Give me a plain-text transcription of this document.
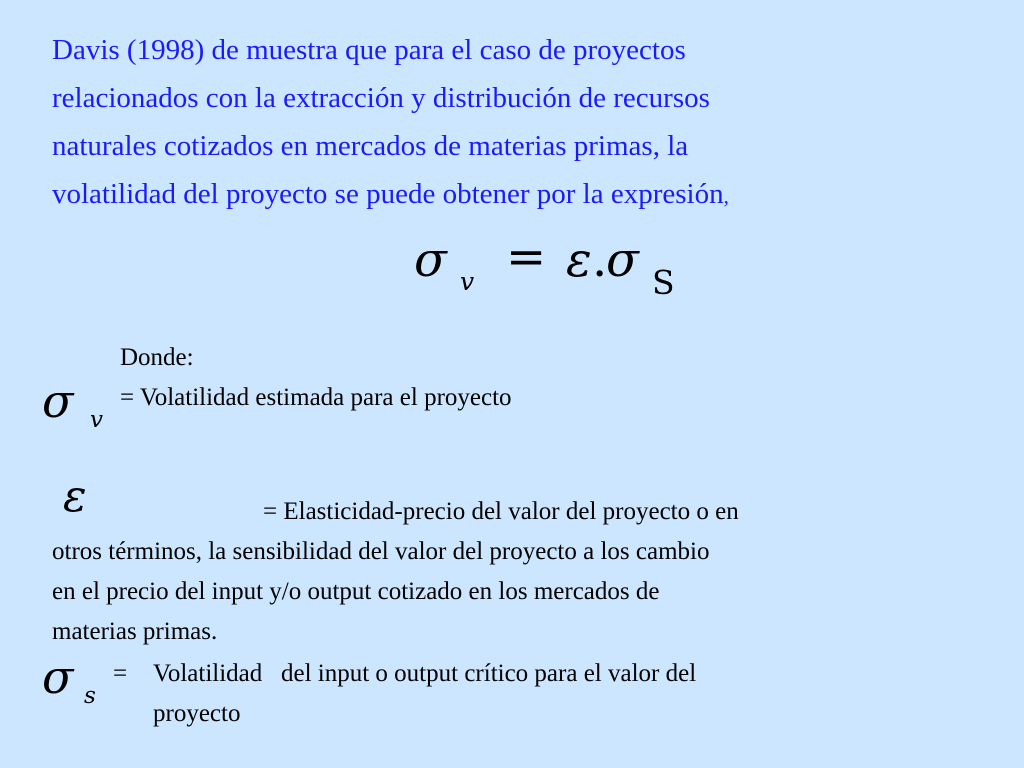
Davis (1998) de muestra que para el caso de proyectos
relacionados con la extracción y distribución de recursos
naturales cotizados en mercados de materias primas, la
volatilidad del proyecto se puede obtener por la expresión,

σ v = ε .
σ S

Donde:

σ v

= Volatilidad estimada para el proyecto

ε	= Elasticidad-precio del valor del proyecto o en
otros términos, la sensibilidad del valor del proyecto a los cambio
en el precio del input y/o output cotizado en los mercados de
materias primas.

σ s

= Volatilidad   del input o output crítico para el valor del
proyecto
